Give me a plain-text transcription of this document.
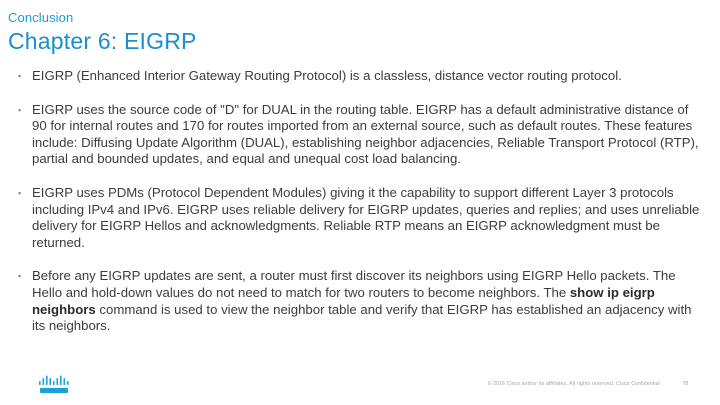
Conclusion
Chapter 6: EIGRP
▪ EIGRP (Enhanced Interior Gateway Routing Protocol) is a classless, distance vector routing protocol.
▪ EIGRP uses the source code of "D" for DUAL in the routing table. EIGRP has a default administrative distance of 90 for internal routes and 170 for routes imported from an external source, such as default routes. These features include: Diffusing Update Algorithm (DUAL), establishing neighbor adjacencies, Reliable Transport Protocol (RTP), partial and bounded updates, and equal and unequal cost load balancing.
▪ EIGRP uses PDMs (Protocol Dependent Modules) giving it the capability to support different Layer 3 protocols including IPv4 and IPv6. EIGRP uses reliable delivery for EIGRP updates, queries and replies; and uses unreliable delivery for EIGRP Hellos and acknowledgments. Reliable RTP means an EIGRP acknowledgment must be returned.
▪ Before any EIGRP updates are sent, a router must first discover its neighbors using EIGRP Hello packets. The Hello and hold-down values do not need to match for two routers to become neighbors. The show ip eigrp neighbors command is used to view the neighbor table and verify that EIGRP has established an adjacency with its neighbors.
© 2016 Cisco and/or its affiliates. All rights reserved. Cisco Confidential	78
